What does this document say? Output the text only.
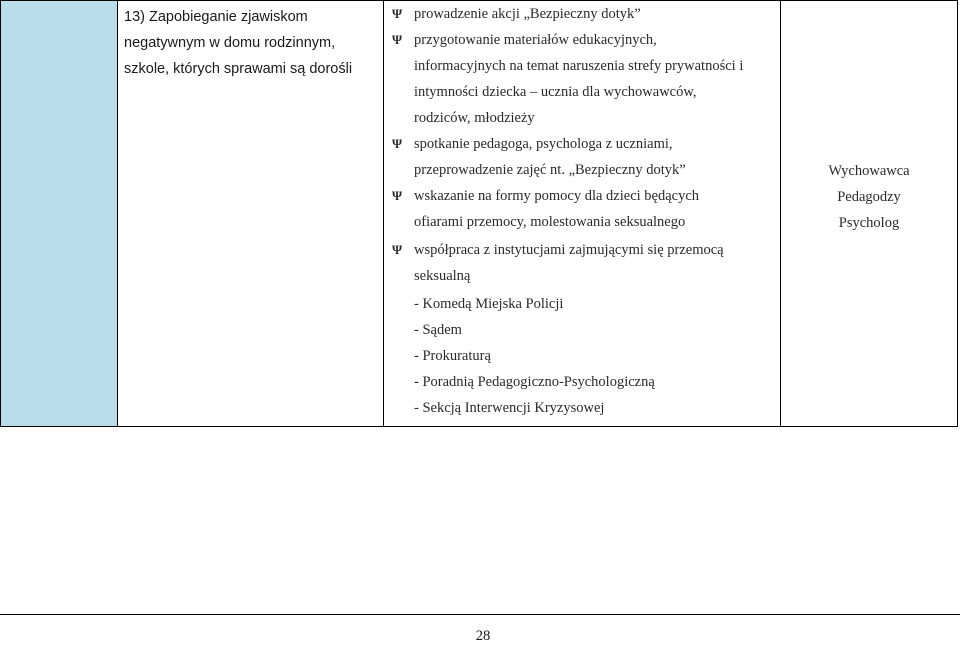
13) Zapobieganie zjawiskom
negatywnym w domu rodzinnym,
szkole, których sprawami są dorośli

Ψ prowadzenie akcji „Bezpieczny dotyk”
Ψ przygotowanie materiałów edukacyjnych,
informacyjnych na temat naruszenia strefy prywatności i
intymności dziecka – ucznia dla wychowawców,
rodziców, młodzieży
Ψ spotkanie pedagoga, psychologa z uczniami,
przeprowadzenie zajęć nt. „Bezpieczny dotyk”
Ψ wskazanie na formy pomocy dla dzieci będących
ofiarami przemocy, molestowania seksualnego
Ψ współpraca z instytucjami zajmującymi się przemocą
seksualną
- Komedą Miejska Policji
- Sądem
- Prokuraturą
- Poradnią Pedagogiczno-Psychologiczną
- Sekcją Interwencji Kryzysowej
Wychowawca
Pedagodzy
Psycholog
28
